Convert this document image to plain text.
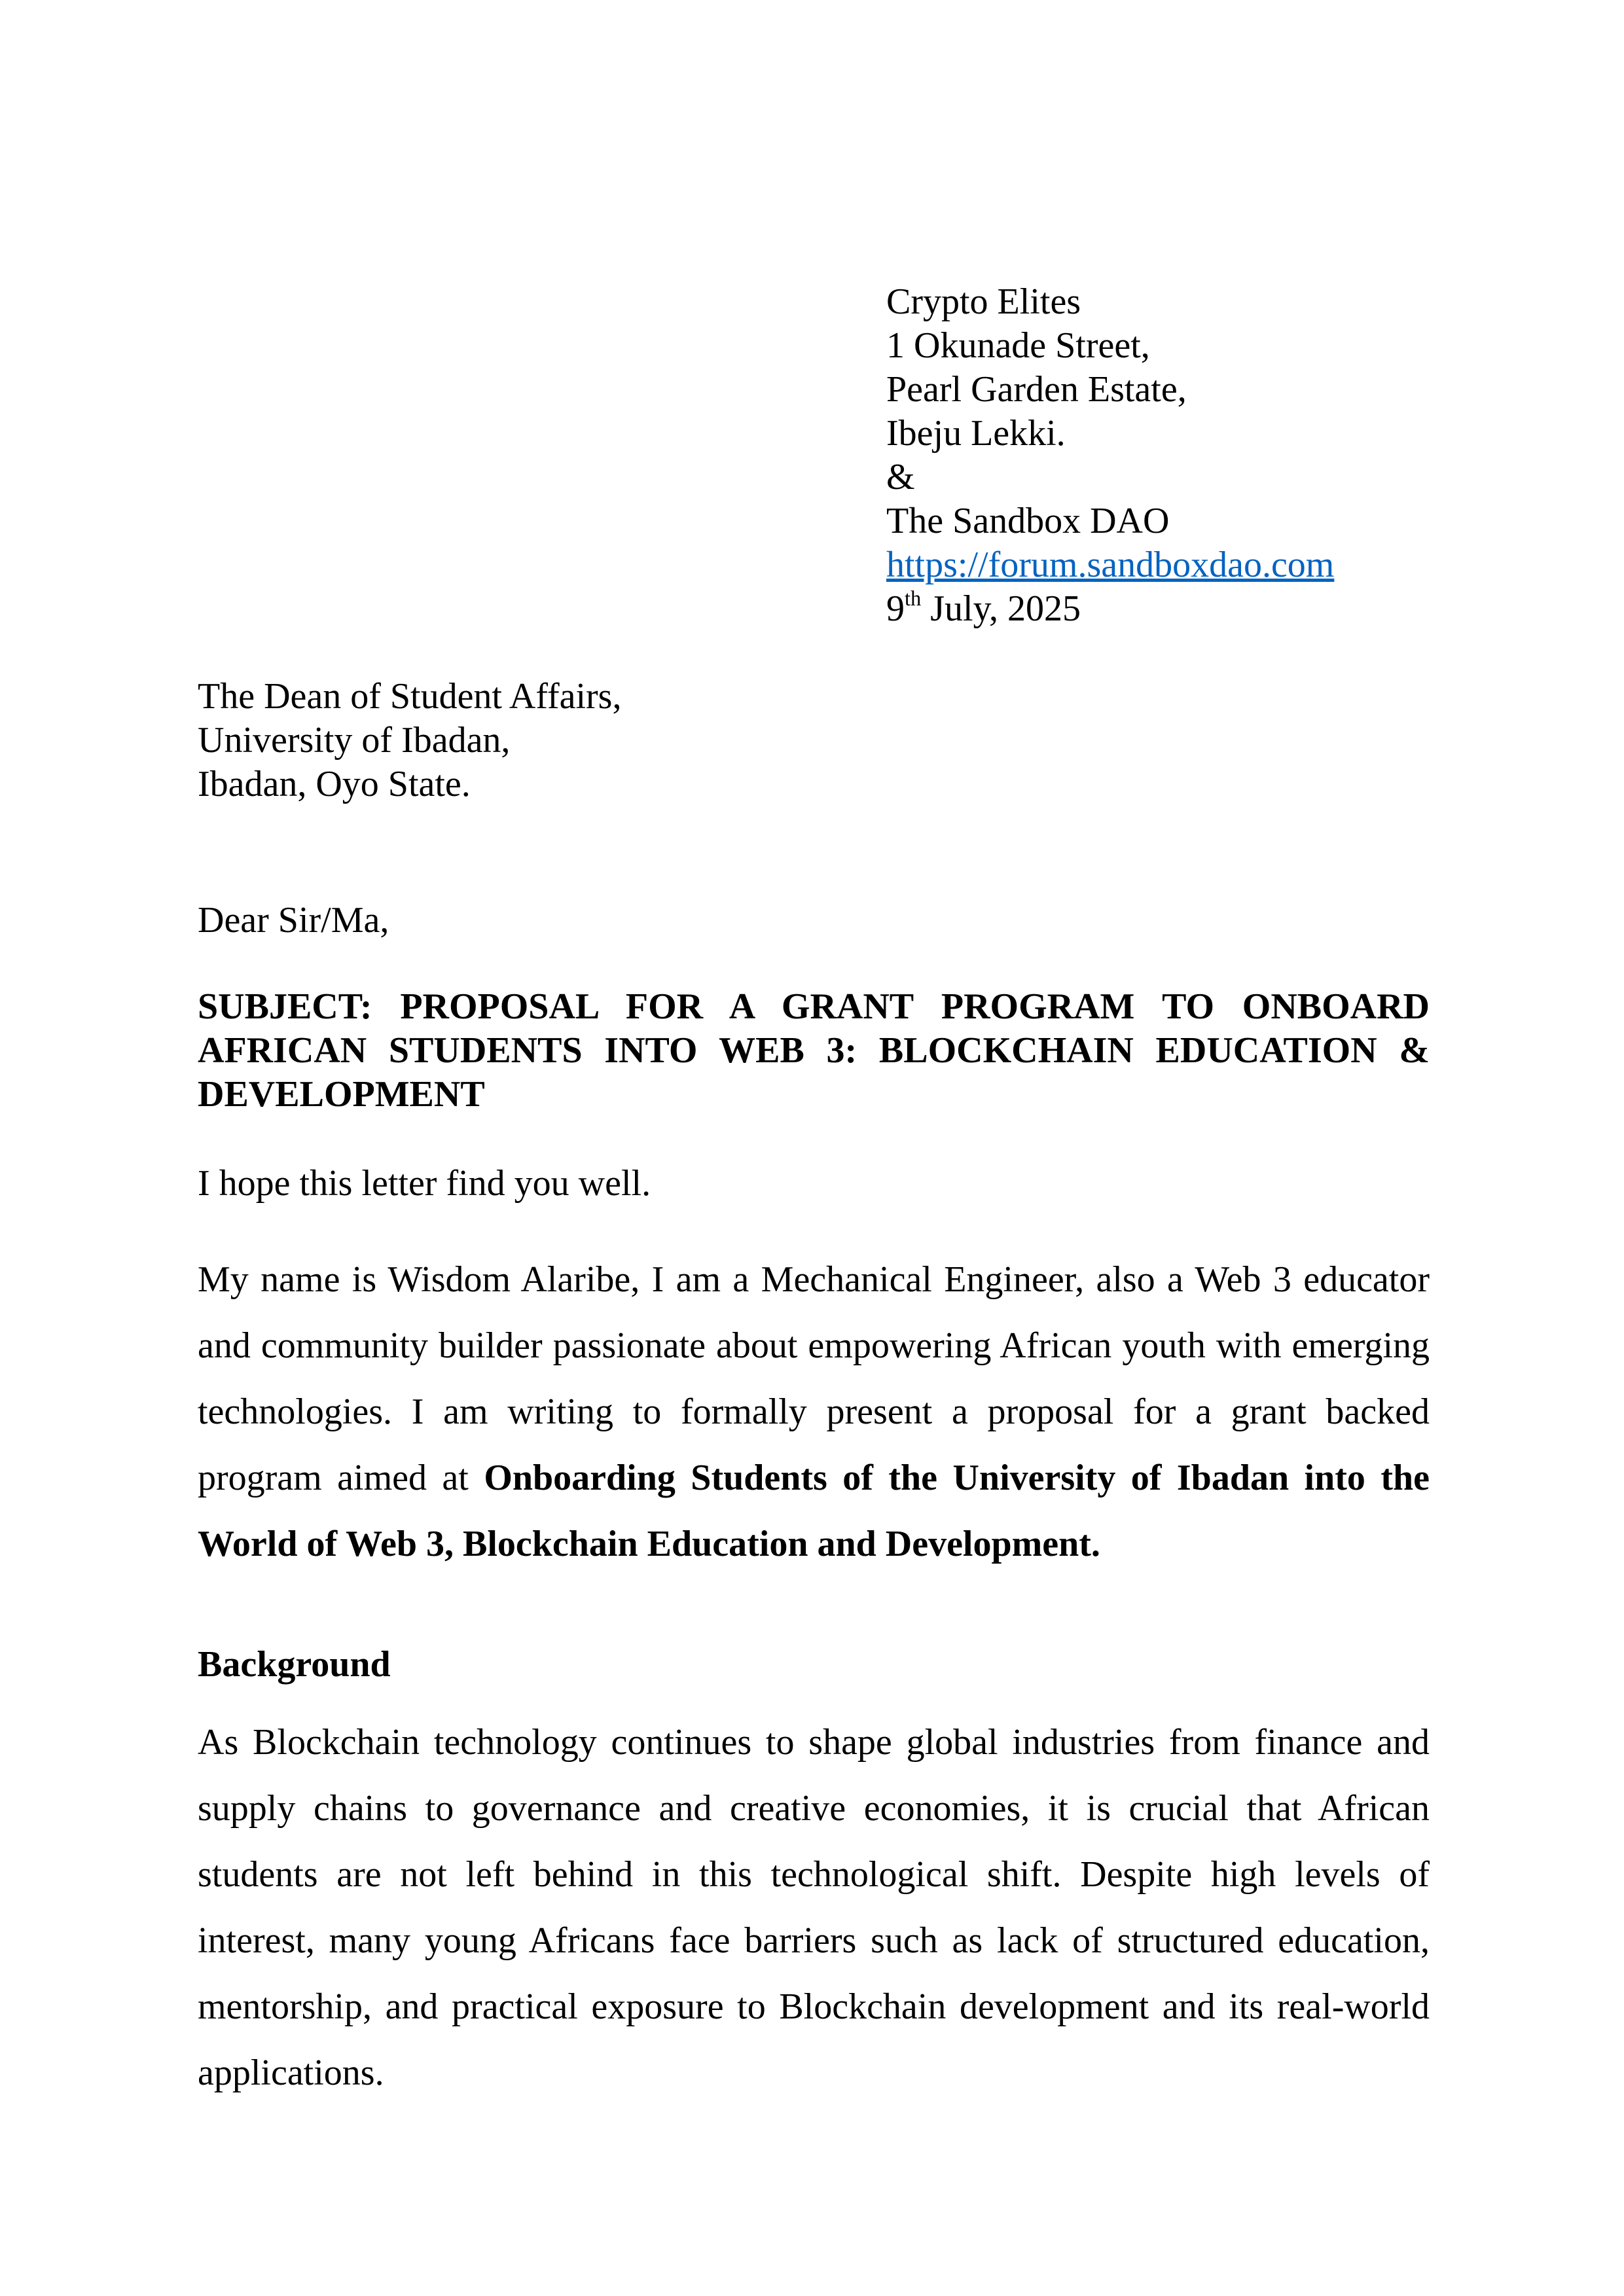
Crypto Elites
1 Okunade Street,
Pearl Garden Estate,
Ibeju Lekki.
&
The Sandbox DAO
https://forum.sandboxdao.com
9th July, 2025
The Dean of Student Affairs,
University of Ibadan,
Ibadan, Oyo State.
Dear Sir/Ma,
SUBJECT: PROPOSAL FOR A GRANT PROGRAM TO ONBOARD AFRICAN STUDENTS INTO WEB 3: BLOCKCHAIN EDUCATION & DEVELOPMENT
I hope this letter find you well.
My name is Wisdom Alaribe, I am a Mechanical Engineer, also a Web 3 educator and community builder passionate about empowering African youth with emerging technologies. I am writing to formally present a proposal for a grant backed program aimed at Onboarding Students of the University of Ibadan into the World of Web 3, Blockchain Education and Development.
Background
As Blockchain technology continues to shape global industries from finance and supply chains to governance and creative economies, it is crucial that African students are not left behind in this technological shift. Despite high levels of interest, many young Africans face barriers such as lack of structured education, mentorship, and practical exposure to Blockchain development and its real-world applications.
